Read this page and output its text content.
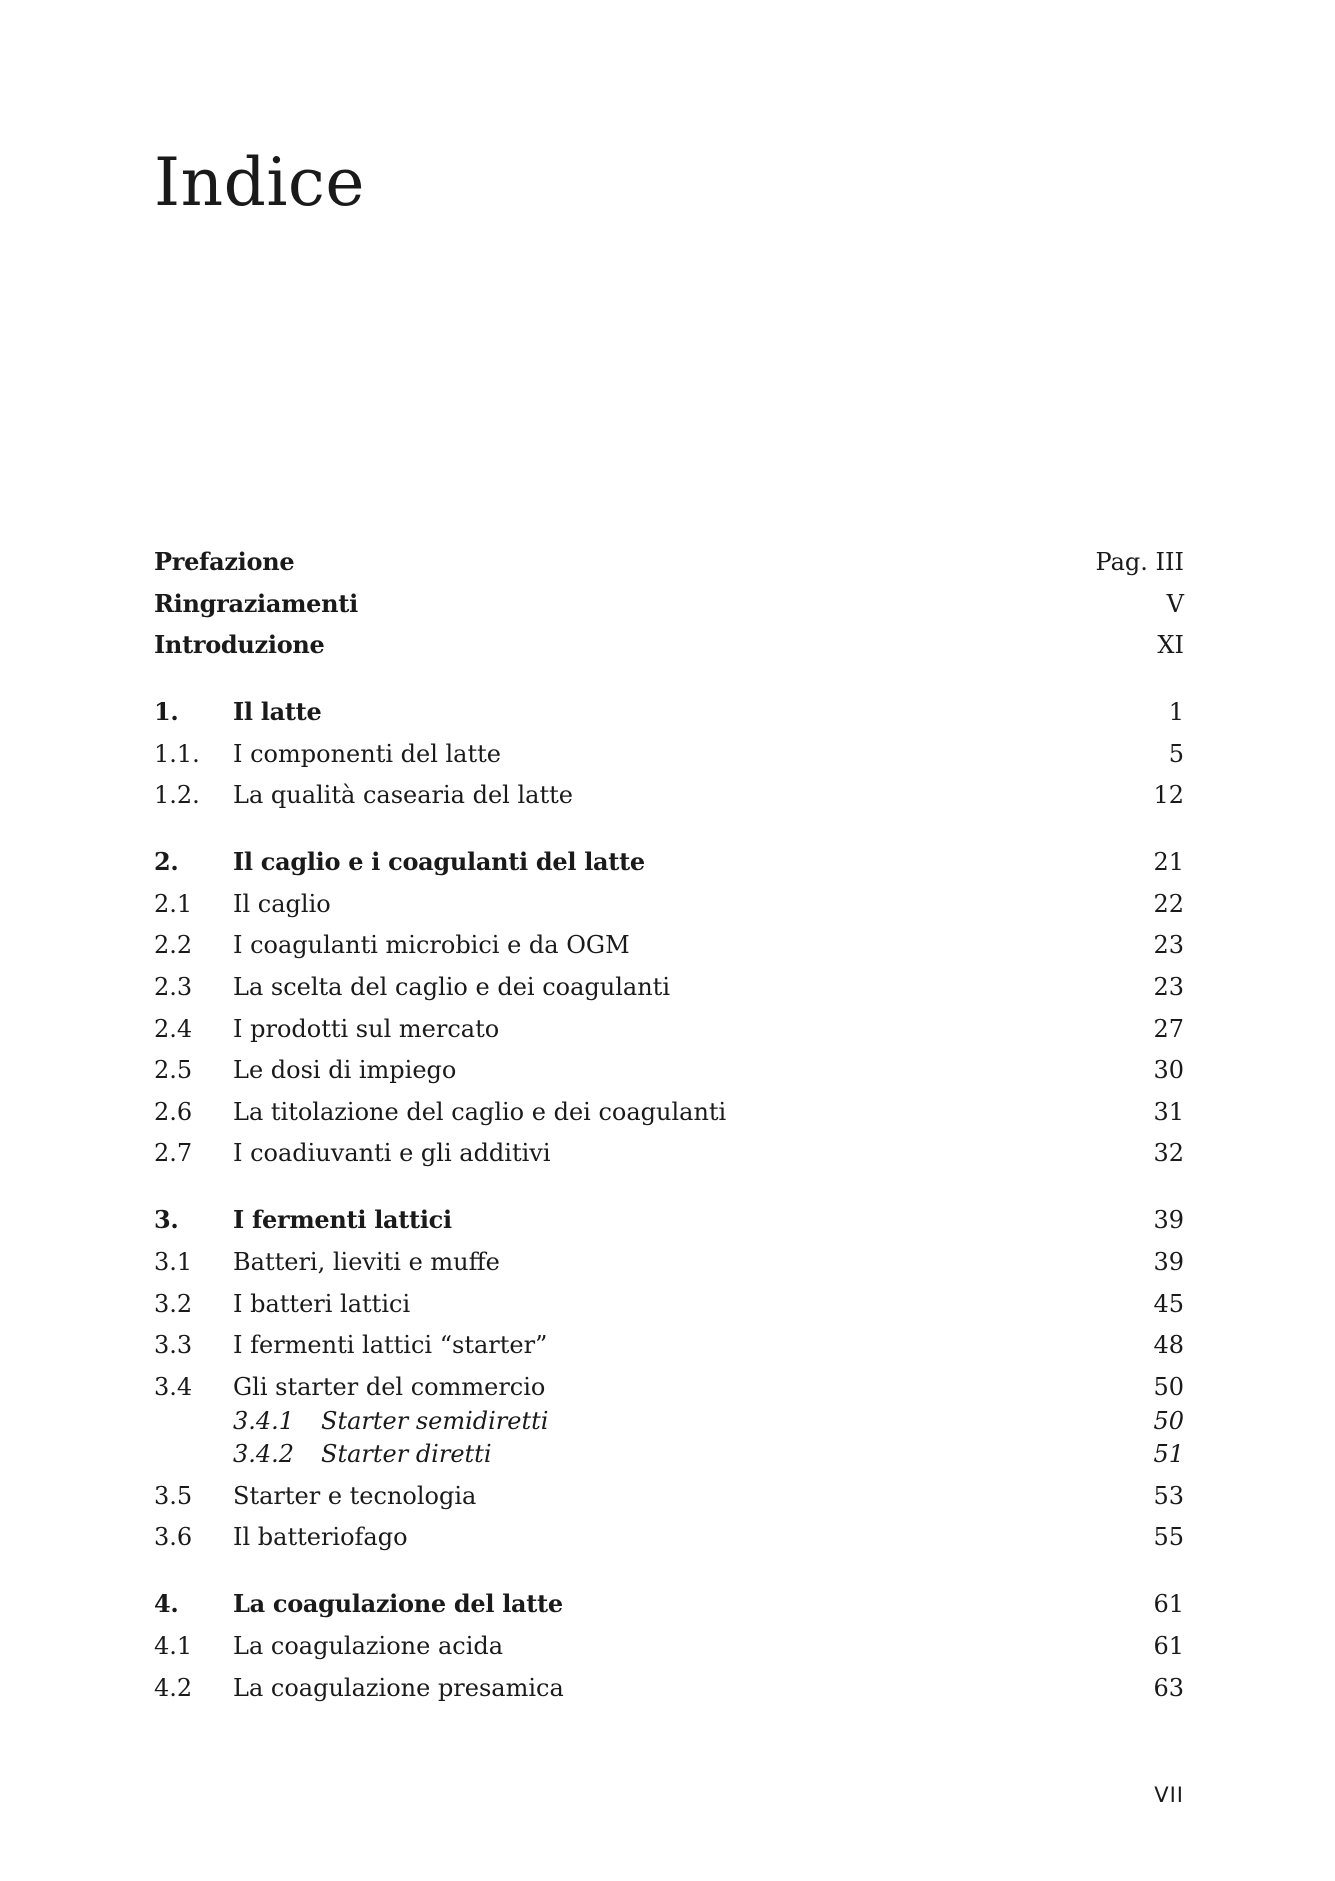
Indice
Prefazione	Pag. III
Ringraziamenti	V
Introduzione	XI
1. Il latte	1
1.1. I componenti del latte	5
1.2. La qualità casearia del latte	12
2. Il caglio e i coagulanti del latte	21
2.1 Il caglio	22
2.2 I coagulanti microbici e da OGM	23
2.3 La scelta del caglio e dei coagulanti	23
2.4 I prodotti sul mercato	27
2.5 Le dosi di impiego	30
2.6 La titolazione del caglio e dei coagulanti	31
2.7 I coadiuvanti e gli additivi	32
3. I fermenti lattici	39
3.1 Batteri, lieviti e muffe	39
3.2 I batteri lattici	45
3.3 I fermenti lattici “starter”	48
3.4 Gli starter del commercio	50
3.4.1 Starter semidiretti	50
3.4.2 Starter diretti	51
3.5 Starter e tecnologia	53
3.6 Il batteriofago	55
4. La coagulazione del latte	61
4.1 La coagulazione acida	61
4.2 La coagulazione presamica	63
VII
